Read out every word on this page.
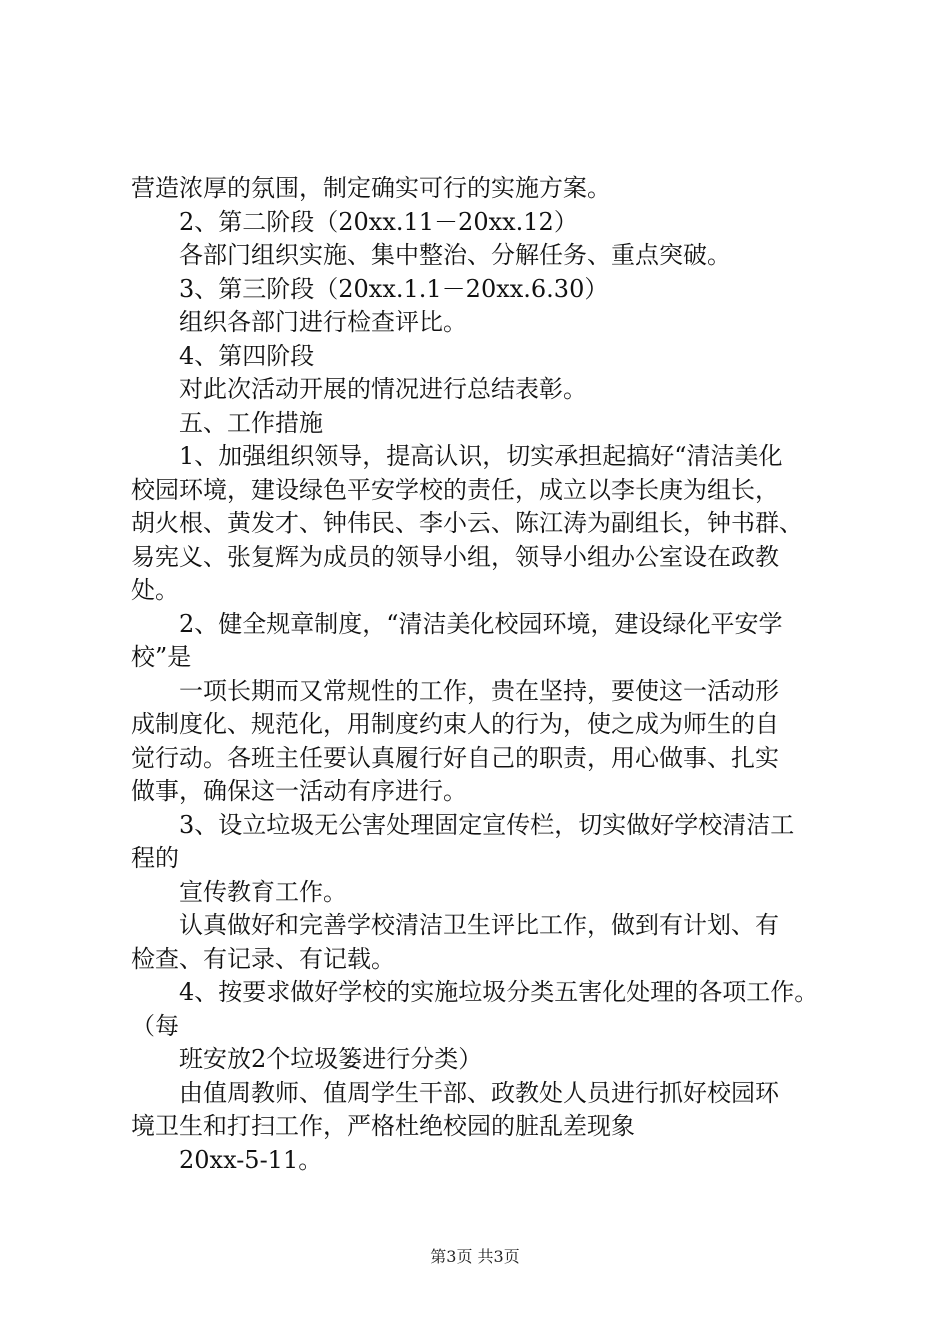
营造浓厚的氛围，制定确实可行的实施方案。
2、第二阶段（20xx.11－20xx.12）
各部门组织实施、集中整治、分解任务、重点突破。
3、第三阶段（20xx.1.1－20xx.6.30）
组织各部门进行检查评比。
4、第四阶段
对此次活动开展的情况进行总结表彰。
五、工作措施
1、加强组织领导，提高认识，切实承担起搞好“清洁美化
校园环境，建设绿色平安学校的责任，成立以李长庚为组长，
胡火根、黄发才、钟伟民、李小云、陈江涛为副组长，钟书群、
易宪义、张复辉为成员的领导小组，领导小组办公室设在政教
处。
2、健全规章制度，“清洁美化校园环境，建设绿化平安学
校”是
一项长期而又常规性的工作，贵在坚持，要使这一活动形
成制度化、规范化，用制度约束人的行为，使之成为师生的自
觉行动。各班主任要认真履行好自己的职责，用心做事、扎实
做事，确保这一活动有序进行。
3、设立垃圾无公害处理固定宣传栏，切实做好学校清洁工
程的
宣传教育工作。
认真做好和完善学校清洁卫生评比工作，做到有计划、有
检查、有记录、有记载。
4、按要求做好学校的实施垃圾分类五害化处理的各项工作。
（每
班安放2个垃圾篓进行分类）
由值周教师、值周学生干部、政教处人员进行抓好校园环
境卫生和打扫工作，严格杜绝校园的脏乱差现象
20xx-5-11。
第3页 共3页
